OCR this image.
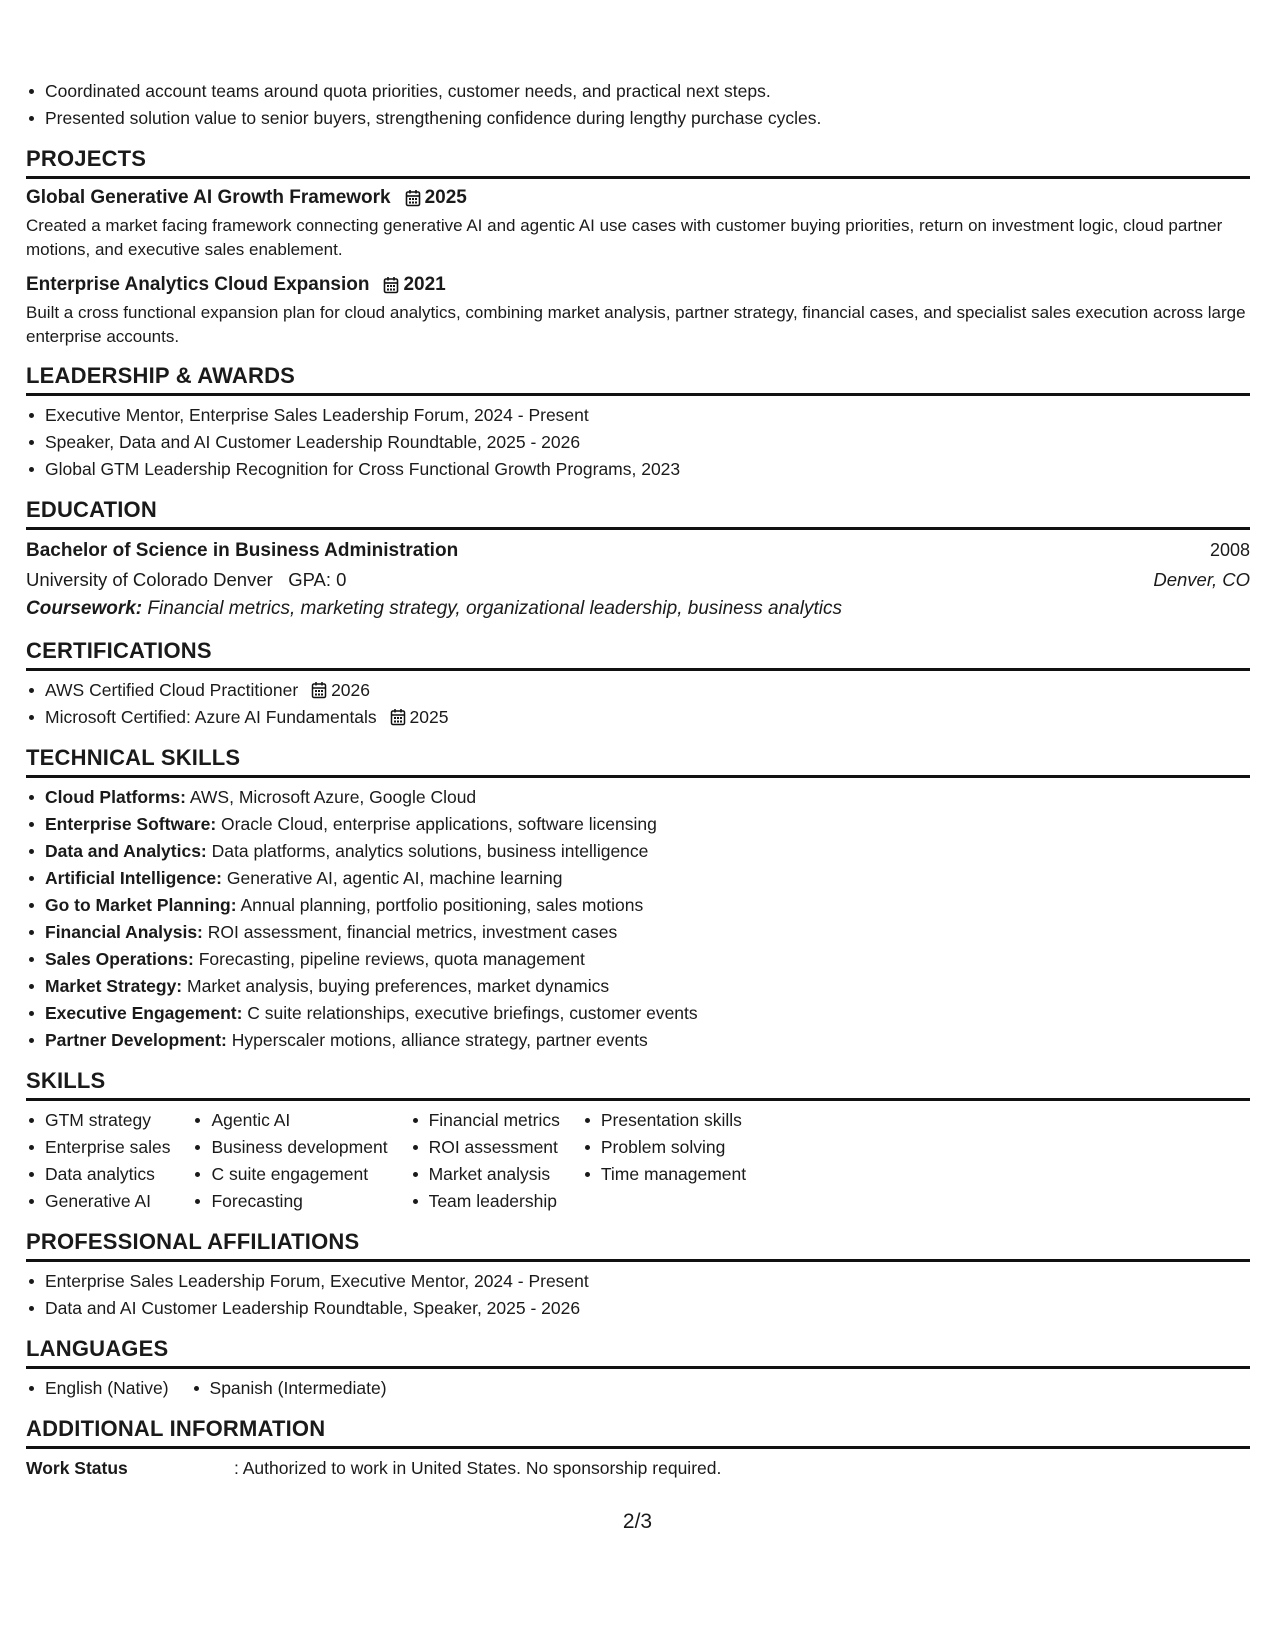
Coordinated account teams around quota priorities, customer needs, and practical next steps.
Presented solution value to senior buyers, strengthening confidence during lengthy purchase cycles.
PROJECTS
Global Generative AI Growth Framework 2025
Created a market facing framework connecting generative AI and agentic AI use cases with customer buying priorities, return on investment logic, cloud partner motions, and executive sales enablement.
Enterprise Analytics Cloud Expansion 2021
Built a cross functional expansion plan for cloud analytics, combining market analysis, partner strategy, financial cases, and specialist sales execution across large enterprise accounts.
LEADERSHIP & AWARDS
Executive Mentor, Enterprise Sales Leadership Forum, 2024 - Present
Speaker, Data and AI Customer Leadership Roundtable, 2025 - 2026
Global GTM Leadership Recognition for Cross Functional Growth Programs, 2023
EDUCATION
Bachelor of Science in Business Administration	2008
University of Colorado Denver GPA: 0	Denver, CO
Coursework: Financial metrics, marketing strategy, organizational leadership, business analytics
CERTIFICATIONS
AWS Certified Cloud Practitioner 2026
Microsoft Certified: Azure AI Fundamentals 2025
TECHNICAL SKILLS
Cloud Platforms: AWS, Microsoft Azure, Google Cloud
Enterprise Software: Oracle Cloud, enterprise applications, software licensing
Data and Analytics: Data platforms, analytics solutions, business intelligence
Artificial Intelligence: Generative AI, agentic AI, machine learning
Go to Market Planning: Annual planning, portfolio positioning, sales motions
Financial Analysis: ROI assessment, financial metrics, investment cases
Sales Operations: Forecasting, pipeline reviews, quota management
Market Strategy: Market analysis, buying preferences, market dynamics
Executive Engagement: C suite relationships, executive briefings, customer events
Partner Development: Hyperscaler motions, alliance strategy, partner events
SKILLS
GTM strategy
Enterprise sales
Data analytics
Generative AI
Agentic AI
Business development
C suite engagement
Forecasting
Financial metrics
ROI assessment
Market analysis
Team leadership
Presentation skills
Problem solving
Time management
PROFESSIONAL AFFILIATIONS
Enterprise Sales Leadership Forum, Executive Mentor, 2024 - Present
Data and AI Customer Leadership Roundtable, Speaker, 2025 - 2026
LANGUAGES
English (Native)	Spanish (Intermediate)
ADDITIONAL INFORMATION
Work Status	: Authorized to work in United States. No sponsorship required.
2/3
